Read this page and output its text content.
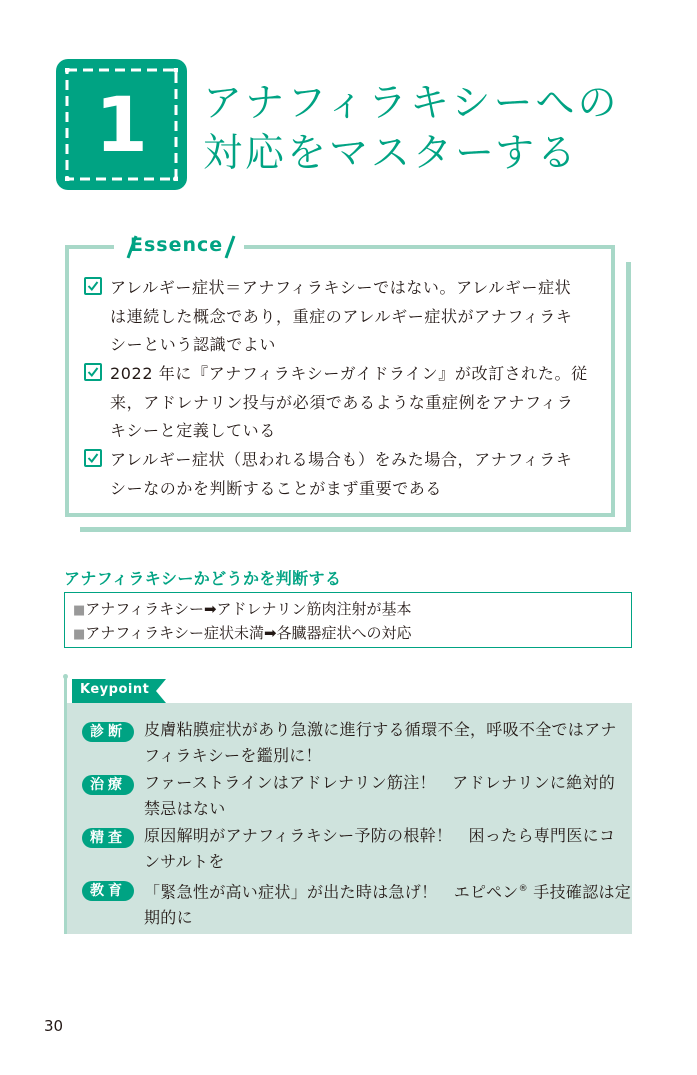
1	アナフィラキシーへの
対応をマスターする
Essence
アレルギー症状＝アナフィラキシーではない。アレルギー症状
は連続した概念であり，重症のアレルギー症状がアナフィラキ
シーという認識でよい
2022 年に『アナフィラキシーガイドライン』が改訂された。従
来，アドレナリン投与が必須であるような重症例をアナフィラ
キシーと定義している
アレルギー症状（思われる場合も）をみた場合，アナフィラキ
シーなのかを判断することがまず重要である
アナフィラキシーかどうかを判断する
■アナフィラキシー➡アドレナリン筋肉注射が基本
■アナフィラキシー症状未満➡各臓器症状への対応
Keypoint
診断	皮膚粘膜症状があり急激に進行する循環不全，呼吸不全ではアナ
フィラキシーを鑑別に！
治療	ファーストラインはアドレナリン筋注！　アドレナリンに絶対的
禁忌はない
精査	原因解明がアナフィラキシー予防の根幹！　困ったら専門医にコ
ンサルトを
教育	「緊急性が高い症状」が出た時は急げ！　エピペン® 手技確認は定
期的に
30
